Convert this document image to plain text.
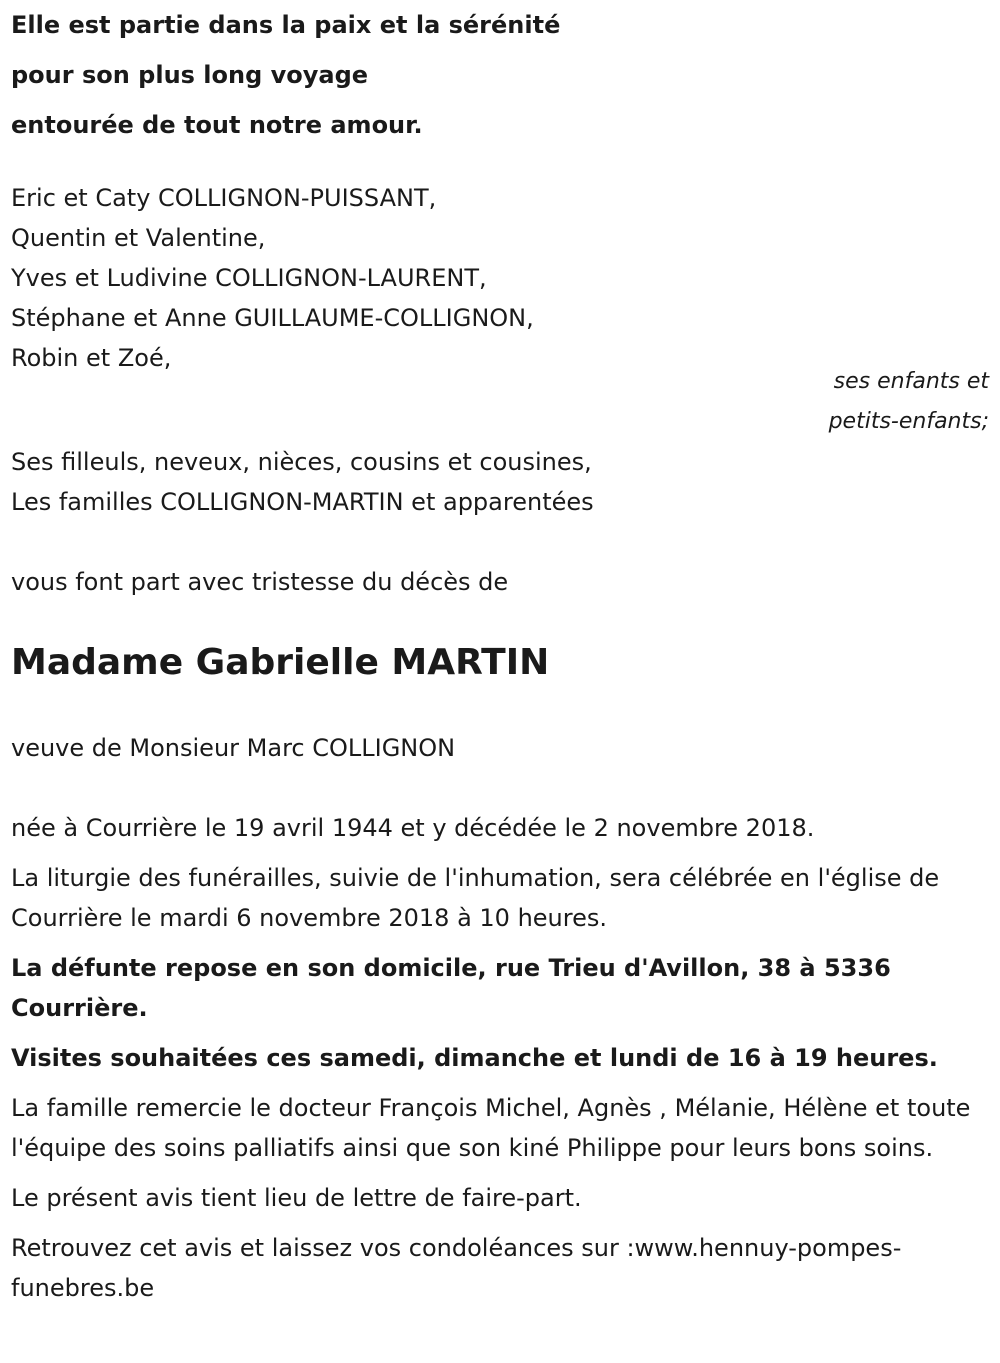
Elle est partie dans la paix et la sérénité
pour son plus long voyage
entourée de tout notre amour.
Eric et Caty COLLIGNON-PUISSANT,
Quentin et Valentine,
Yves et Ludivine COLLIGNON-LAURENT,
Stéphane et Anne GUILLAUME-COLLIGNON,
Robin et Zoé,
ses enfants et
petits-enfants;
Ses filleuls, neveux, nièces, cousins et cousines,
Les familles COLLIGNON-MARTIN et apparentées
vous font part avec tristesse du décès de
Madame Gabrielle MARTIN
veuve de Monsieur Marc COLLIGNON
née à Courrière le 19 avril 1944 et y décédée le 2 novembre 2018.
La liturgie des funérailles, suivie de l'inhumation, sera célébrée en l'église de Courrière le mardi 6 novembre 2018 à 10 heures.
La défunte repose en son domicile, rue Trieu d'Avillon, 38 à 5336 Courrière.
Visites souhaitées ces samedi, dimanche et lundi de 16 à 19 heures.
La famille remercie le docteur François Michel, Agnès , Mélanie, Hélène et toute l'équipe des soins palliatifs ainsi que son kiné Philippe pour leurs bons soins.
Le présent avis tient lieu de lettre de faire-part.
Retrouvez cet avis et laissez vos condoléances sur :www.hennuy-pompes-funebres.be
